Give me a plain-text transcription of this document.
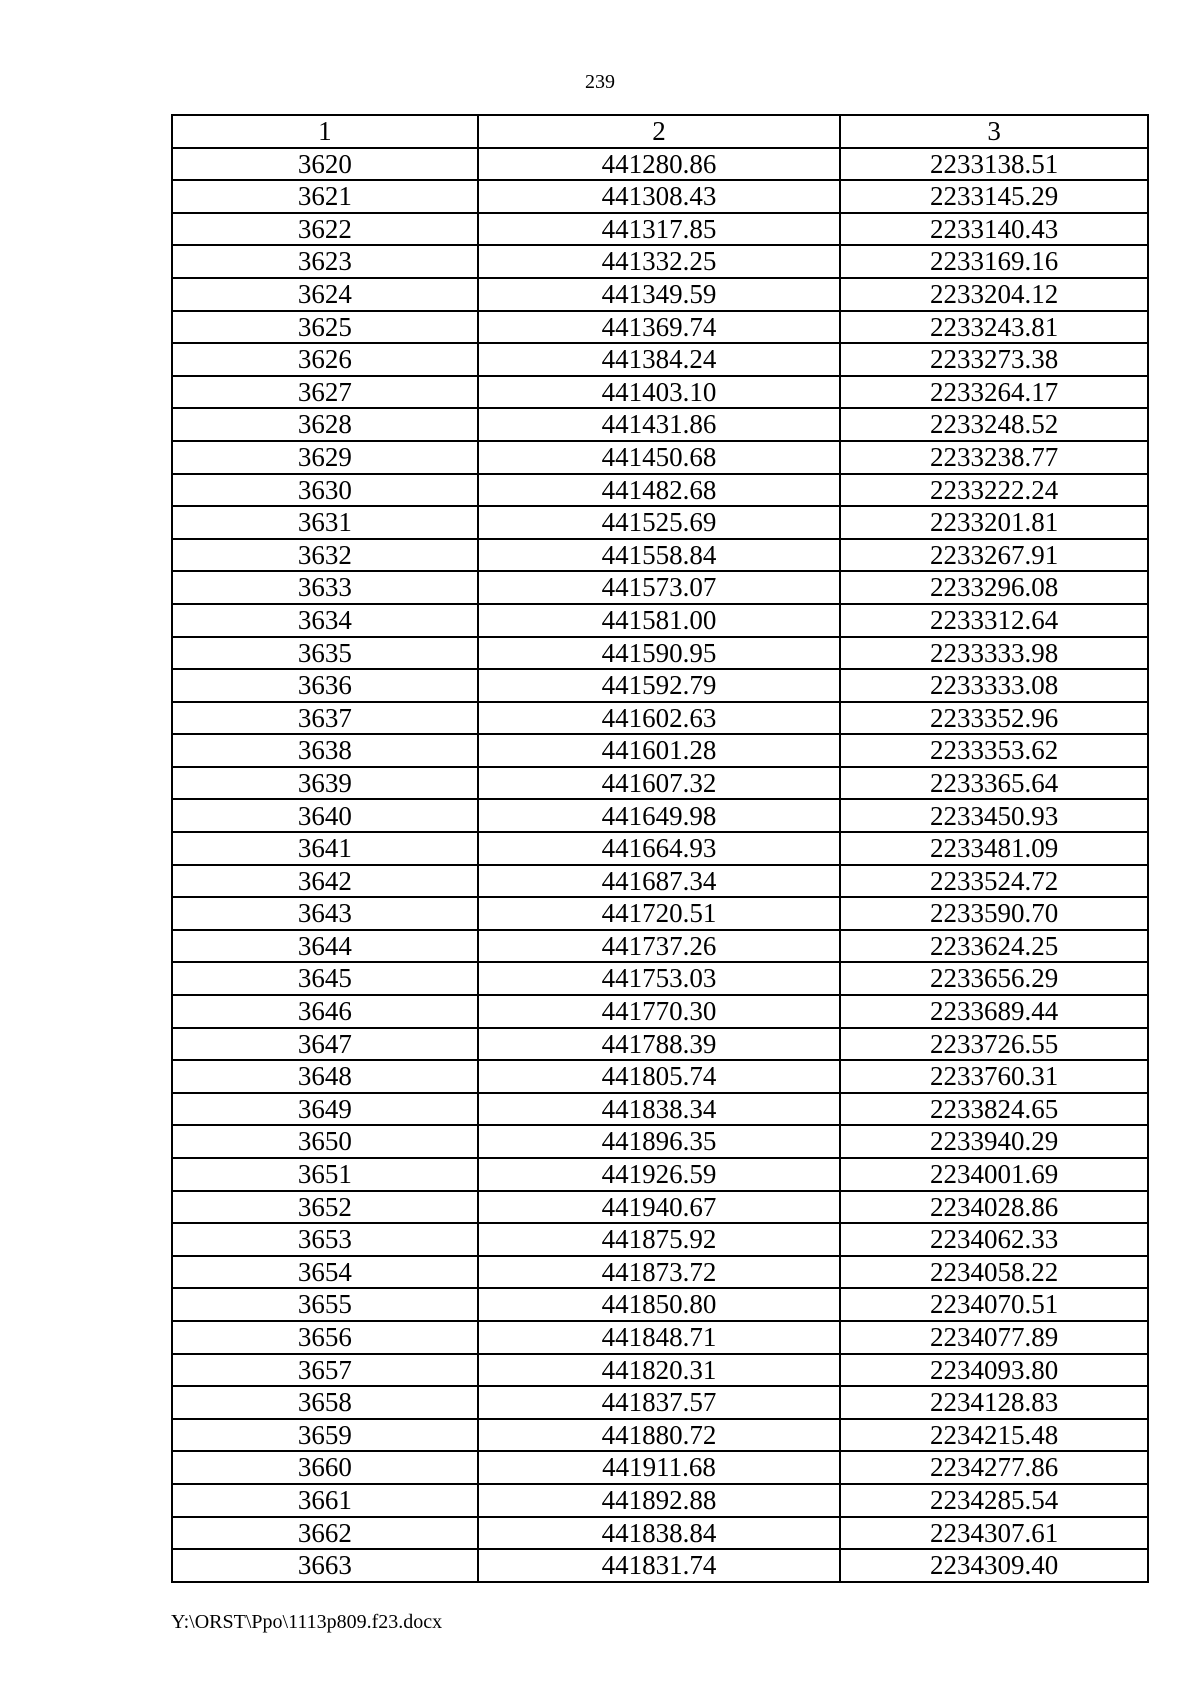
239
1	2	3
3620	441280.86	2233138.51
3621	441308.43	2233145.29
3622	441317.85	2233140.43
3623	441332.25	2233169.16
3624	441349.59	2233204.12
3625	441369.74	2233243.81
3626	441384.24	2233273.38
3627	441403.10	2233264.17
3628	441431.86	2233248.52
3629	441450.68	2233238.77
3630	441482.68	2233222.24
3631	441525.69	2233201.81
3632	441558.84	2233267.91
3633	441573.07	2233296.08
3634	441581.00	2233312.64
3635	441590.95	2233333.98
3636	441592.79	2233333.08
3637	441602.63	2233352.96
3638	441601.28	2233353.62
3639	441607.32	2233365.64
3640	441649.98	2233450.93
3641	441664.93	2233481.09
3642	441687.34	2233524.72
3643	441720.51	2233590.70
3644	441737.26	2233624.25
3645	441753.03	2233656.29
3646	441770.30	2233689.44
3647	441788.39	2233726.55
3648	441805.74	2233760.31
3649	441838.34	2233824.65
3650	441896.35	2233940.29
3651	441926.59	2234001.69
3652	441940.67	2234028.86
3653	441875.92	2234062.33
3654	441873.72	2234058.22
3655	441850.80	2234070.51
3656	441848.71	2234077.89
3657	441820.31	2234093.80
3658	441837.57	2234128.83
3659	441880.72	2234215.48
3660	441911.68	2234277.86
3661	441892.88	2234285.54
3662	441838.84	2234307.61
3663	441831.74	2234309.40
Y:\ORST\Ppo\1113p809.f23.docx
